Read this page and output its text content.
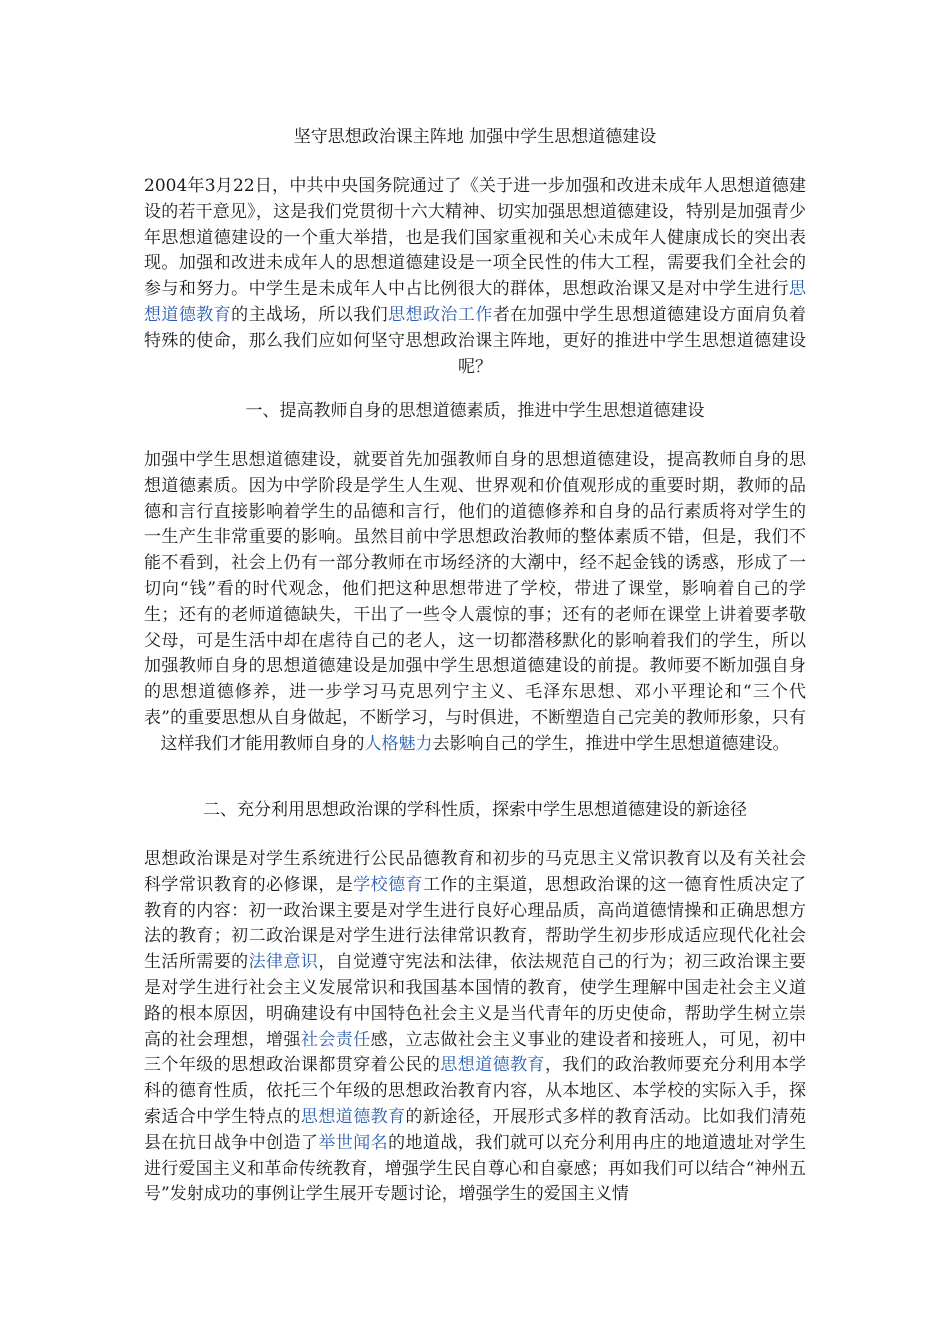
坚守思想政治课主阵地 加强中学生思想道德建设
2004年3月22日，中共中央国务院通过了《关于进一步加强和改进未成年人思想道德建设的若干意见》，这是我们党贯彻十六大精神、切实加强思想道德建设，特别是加强青少年思想道德建设的一个重大举措，也是我们国家重视和关心未成年人健康成长的突出表现。加强和改进未成年人的思想道德建设是一项全民性的伟大工程，需要我们全社会的参与和努力。中学生是未成年人中占比例很大的群体，思想政治课又是对中学生进行思想道德教育的主战场，所以我们思想政治工作者在加强中学生思想道德建设方面肩负着特殊的使命，那么我们应如何坚守思想政治课主阵地，更好的推进中学生思想道德建设呢？
一、提高教师自身的思想道德素质，推进中学生思想道德建设
加强中学生思想道德建设，就要首先加强教师自身的思想道德建设，提高教师自身的思想道德素质。因为中学阶段是学生人生观、世界观和价值观形成的重要时期，教师的品德和言行直接影响着学生的品德和言行，他们的道德修养和自身的品行素质将对学生的一生产生非常重要的影响。虽然目前中学思想政治教师的整体素质不错，但是，我们不能不看到，社会上仍有一部分教师在市场经济的大潮中，经不起金钱的诱惑，形成了一切向“钱”看的时代观念，他们把这种思想带进了学校，带进了课堂，影响着自己的学生；还有的老师道德缺失，干出了一些令人震惊的事；还有的老师在课堂上讲着要孝敬父母，可是生活中却在虐待自己的老人，这一切都潜移默化的影响着我们的学生，所以加强教师自身的思想道德建设是加强中学生思想道德建设的前提。教师要不断加强自身的思想道德修养，进一步学习马克思列宁主义、毛泽东思想、邓小平理论和“三个代表”的重要思想从自身做起，不断学习，与时俱进，不断塑造自己完美的教师形象，只有这样我们才能用教师自身的人格魅力去影响自己的学生，推进中学生思想道德建设。
二、充分利用思想政治课的学科性质，探索中学生思想道德建设的新途径
思想政治课是对学生系统进行公民品德教育和初步的马克思主义常识教育以及有关社会科学常识教育的必修课，是学校德育工作的主渠道，思想政治课的这一德育性质决定了教育的内容：初一政治课主要是对学生进行良好心理品质，高尚道德情操和正确思想方法的教育；初二政治课是对学生进行法律常识教育，帮助学生初步形成适应现代化社会生活所需要的法律意识，自觉遵守宪法和法律，依法规范自己的行为；初三政治课主要是对学生进行社会主义发展常识和我国基本国情的教育，使学生理解中国走社会主义道路的根本原因，明确建设有中国特色社会主义是当代青年的历史使命，帮助学生树立崇高的社会理想，增强社会责任感，立志做社会主义事业的建设者和接班人，可见，初中三个年级的思想政治课都贯穿着公民的思想道德教育，我们的政治教师要充分利用本学科的德育性质，依托三个年级的思想政治教育内容，从本地区、本学校的实际入手，探索适合中学生特点的思想道德教育的新途径，开展形式多样的教育活动。比如我们清苑县在抗日战争中创造了举世闻名的地道战，我们就可以充分利用冉庄的地道遗址对学生进行爱国主义和革命传统教育，增强学生民自尊心和自豪感；再如我们可以结合“神州五号”发射成功的事例让学生展开专题讨论，增强学生的爱国主义情
